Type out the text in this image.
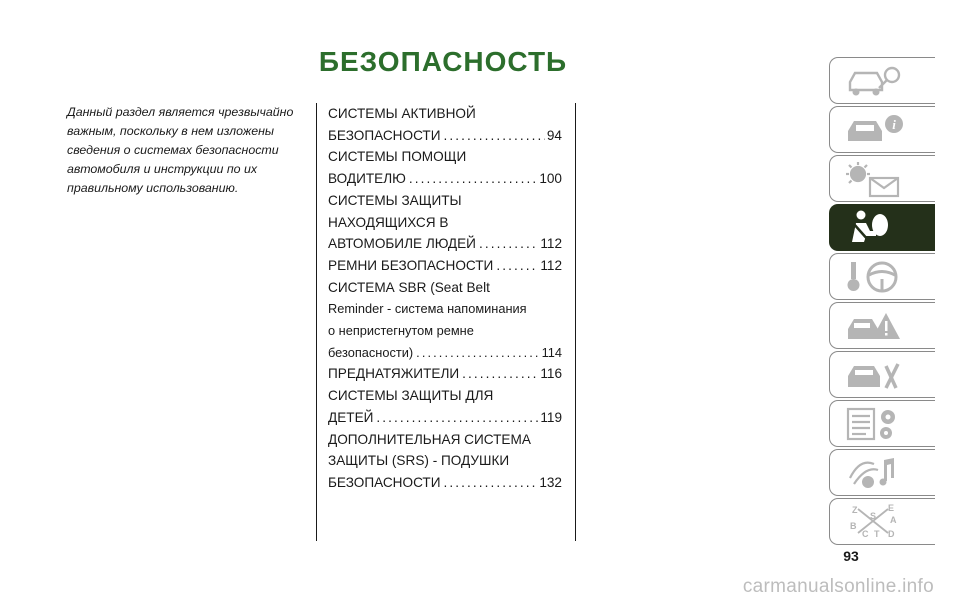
БЕЗОПАСНОСТЬ

Данный раздел является чрезвычайно

важным, поскольку в нем изложены

сведения о системах безопасности

автомобиля и инструкции по их

правильному использованию.

СИСТЕМЫ АКТИВНОЙ
БЕЗОПАСНОСТИ .....	94
СИСТЕМЫ ПОМОЩИ
ВОДИТЕЛЮ .....	100
СИСТЕМЫ ЗАЩИТЫ
НАХОДЯЩИХСЯ В
АВТОМОБИЛЕ ЛЮДЕЙ .....	112
РЕМНИ БЕЗОПАСНОСТИ .....	112
СИСТЕМА SBR (Seat Belt
Reminder - система напоминания
о непристегнутом ремне
безопасности) .....	114
ПРЕДНАТЯЖИТЕЛИ .....	116
СИСТЕМЫ ЗАЩИТЫ ДЛЯ
ДЕТЕЙ .....	119
ДОПОЛНИТЕЛЬНАЯ СИСТЕМА
ЗАЩИТЫ (SRS) - ПОДУШКИ
БЕЗОПАСНОСТИ .....	132
i
Z
S
E
A
B
C T D
93
carmanualsonline.info
